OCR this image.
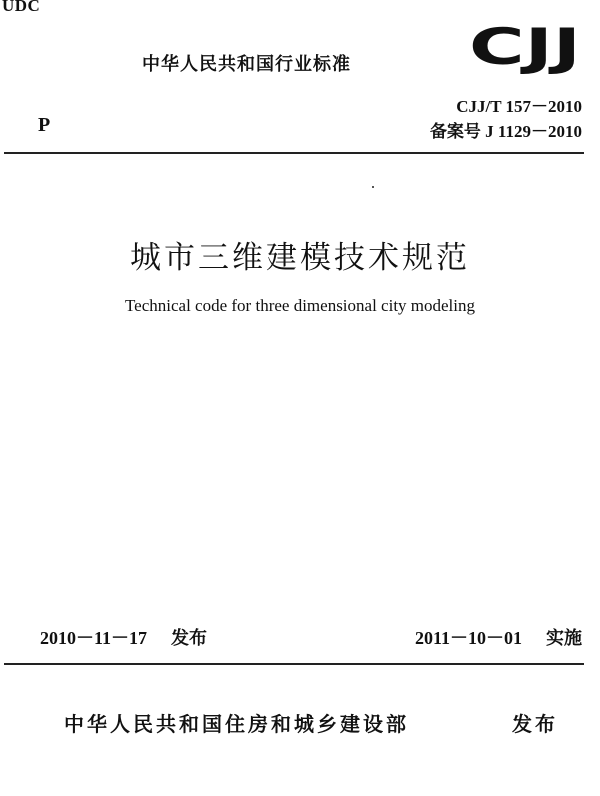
UDC
中华人民共和国行业标准 CJJ
CJJ/T 157－2010
P	备案号 J 1129－2010
城市三维建模技术规范
Technical code for three dimensional city modeling
2010－11－17 发布	2011－10－01 实施
中华人民共和国住房和城乡建设部	发布
